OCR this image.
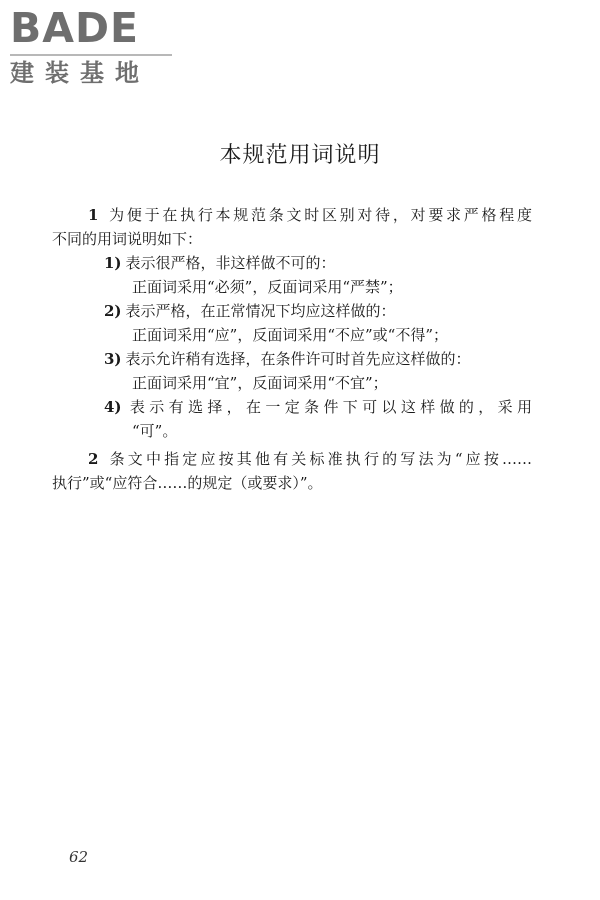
BADE
建装基地
本规范用词说明
1 为便于在执行本规范条文时区别对待，对要求严格程度
不同的用词说明如下：
1) 表示很严格，非这样做不可的：
正面词采用“必须”，反面词采用“严禁”；
2) 表示严格，在正常情况下均应这样做的：
正面词采用“应”，反面词采用“不应”或“不得”；
3) 表示允许稍有选择，在条件许可时首先应这样做的：
正面词采用“宜”，反面词采用“不宜”；
4) 表示有选择，在一定条件下可以这样做的，采用
“可”。
2 条文中指定应按其他有关标准执行的写法为“应按……
执行”或“应符合……的规定（或要求）”。
62
